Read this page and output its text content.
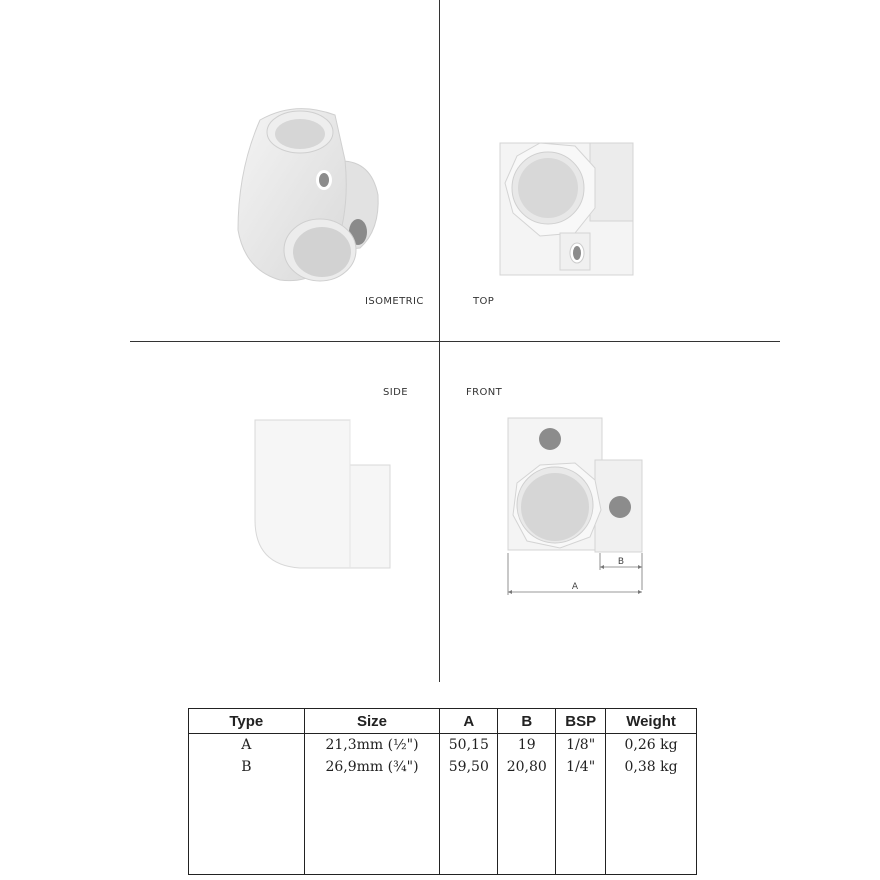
ISOMETRIC	TOP
SIDE	FRONT
B
A
Type	Size	A	B	BSP	Weight
A	21,3mm (½")	50,15	19	1/8"	0,26 kg
B	26,9mm (¾")	59,50	20,80	1/4"	0,38 kg
